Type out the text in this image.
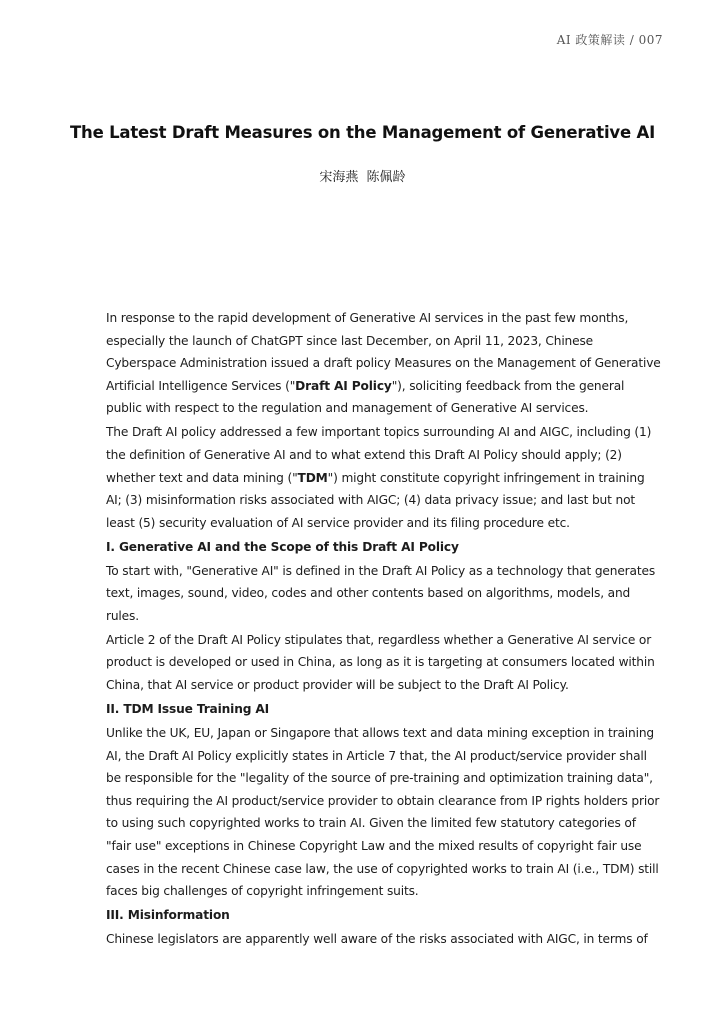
AI 政策解读 / 007
The Latest Draft Measures on the Management of Generative AI
宋海燕 陈佩龄

In response to the rapid development of Generative AI services in the past few months, especially the launch of ChatGPT since last December, on April 11, 2023, Chinese Cyberspace Administration issued a draft policy Measures on the Management of Generative Artificial Intelligence Services ("Draft AI Policy"), soliciting feedback from the general public with respect to the regulation and management of Generative AI services.

The Draft AI policy addressed a few important topics surrounding AI and AIGC, including (1) the definition of Generative AI and to what extend this Draft AI Policy should apply; (2) whether text and data mining ("TDM") might constitute copyright infringement in training AI; (3) misinformation risks associated with AIGC; (4) data privacy issue; and last but not least (5) security evaluation of AI service provider and its filing procedure etc.

I. Generative AI and the Scope of this Draft AI Policy

To start with, "Generative AI" is defined in the Draft AI Policy as a technology that generates text, images, sound, video, codes and other contents based on algorithms, models, and rules.

Article 2 of the Draft AI Policy stipulates that, regardless whether a Generative AI service or product is developed or used in China, as long as it is targeting at consumers located within China, that AI service or product provider will be subject to the Draft AI Policy.

II. TDM Issue Training AI

Unlike the UK, EU, Japan or Singapore that allows text and data mining exception in training AI, the Draft AI Policy explicitly states in Article 7 that, the AI product/service provider shall be responsible for the "legality of the source of pre-training and optimization training data", thus requiring the AI product/service provider to obtain clearance from IP rights holders prior to using such copyrighted works to train AI. Given the limited few statutory categories of "fair use" exceptions in Chinese Copyright Law and the mixed results of copyright fair use cases in the recent Chinese case law, the use of copyrighted works to train AI (i.e., TDM) still faces big challenges of copyright infringement suits.

III. Misinformation

Chinese legislators are apparently well aware of the risks associated with AIGC, in terms of
